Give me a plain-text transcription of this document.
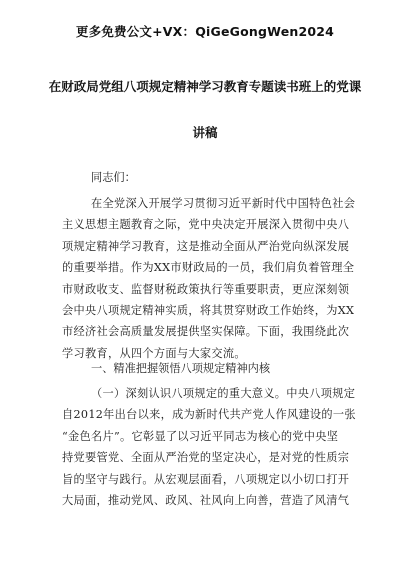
更多免费公文+VX：QiGeGongWen2024
在财政局党组八项规定精神学习教育专题读书班上的党课
讲稿
同志们：
在全党深入开展学习贯彻习近平新时代中国特色社会
主义思想主题教育之际，党中央决定开展深入贯彻中央八
项规定精神学习教育，这是推动全面从严治党向纵深发展
的重要举措。作为XX市财政局的一员，我们肩负着管理全
市财政收支、监督财税政策执行等重要职责，更应深刻领
会中央八项规定精神实质，将其贯穿财政工作始终，为XX
市经济社会高质量发展提供坚实保障。下面，我围绕此次
学习教育，从四个方面与大家交流。
一、精准把握领悟八项规定精神内核
（一）深刻认识八项规定的重大意义。中央八项规定
自2012年出台以来，成为新时代共产党人作风建设的一张
“金色名片”。它彰显了以习近平同志为核心的党中央坚
持党要管党、全面从严治党的坚定决心，是对党的性质宗
旨的坚守与践行。从宏观层面看，八项规定以小切口打开
大局面，推动党风、政风、社风向上向善，营造了风清气
